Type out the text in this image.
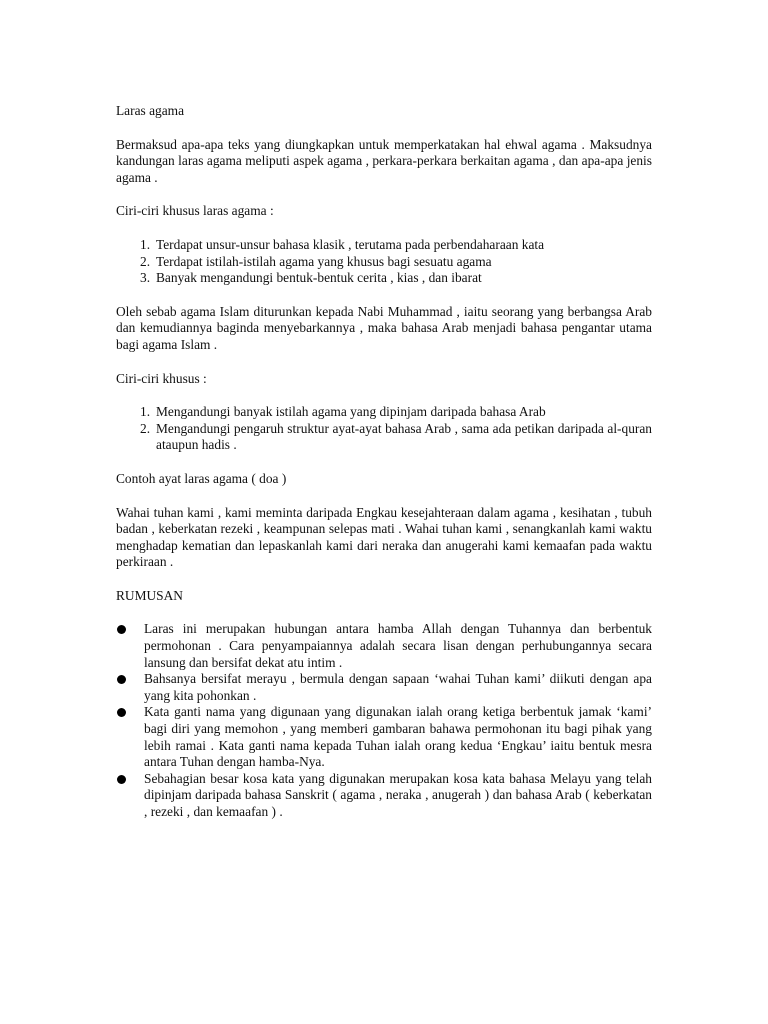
Laras agama

Bermaksud apa-apa teks yang diungkapkan untuk memperkatakan hal ehwal agama . Maksudnya kandungan laras agama meliputi aspek agama , perkara-perkara berkaitan agama , dan apa-apa jenis agama .

Ciri-ciri khusus laras agama :

1. Terdapat unsur-unsur bahasa klasik , terutama pada perbendaharaan kata
2. Terdapat istilah-istilah agama yang khusus bagi sesuatu agama
3. Banyak mengandungi bentuk-bentuk cerita , kias , dan ibarat

Oleh sebab agama Islam diturunkan kepada Nabi Muhammad , iaitu seorang yang berbangsa Arab dan kemudiannya baginda menyebarkannya , maka bahasa Arab menjadi bahasa pengantar utama bagi agama Islam .

Ciri-ciri khusus :

1. Mengandungi banyak istilah agama yang dipinjam daripada bahasa Arab
2. Mengandungi pengaruh struktur ayat-ayat bahasa Arab , sama ada petikan daripada al-quran ataupun hadis .

Contoh ayat laras agama ( doa )

Wahai tuhan kami , kami meminta daripada Engkau kesejahteraan dalam agama , kesihatan , tubuh badan , keberkatan rezeki , keampunan selepas mati . Wahai tuhan kami , senangkanlah kami waktu menghadap kematian dan lepaskanlah kami dari neraka dan anugerahi kami kemaafan pada waktu perkiraan .

RUMUSAN

Laras ini merupakan hubungan antara hamba Allah dengan Tuhannya dan berbentuk permohonan . Cara penyampaiannya adalah secara lisan dengan perhubungannya secara lansung dan bersifat dekat atu intim .
Bahsanya bersifat merayu , bermula dengan sapaan ‘wahai Tuhan kami’ diikuti dengan apa yang kita pohonkan .
Kata ganti nama yang digunaan yang digunakan ialah orang ketiga berbentuk jamak ‘kami’ bagi diri yang memohon , yang memberi gambaran bahawa permohonan itu bagi pihak yang lebih ramai . Kata ganti nama kepada Tuhan ialah orang kedua ‘Engkau’ iaitu bentuk mesra antara Tuhan dengan hamba-Nya.
Sebahagian besar kosa kata yang digunakan merupakan kosa kata bahasa Melayu yang telah dipinjam daripada bahasa Sanskrit ( agama , neraka , anugerah ) dan bahasa Arab ( keberkatan , rezeki , dan kemaafan ) .
